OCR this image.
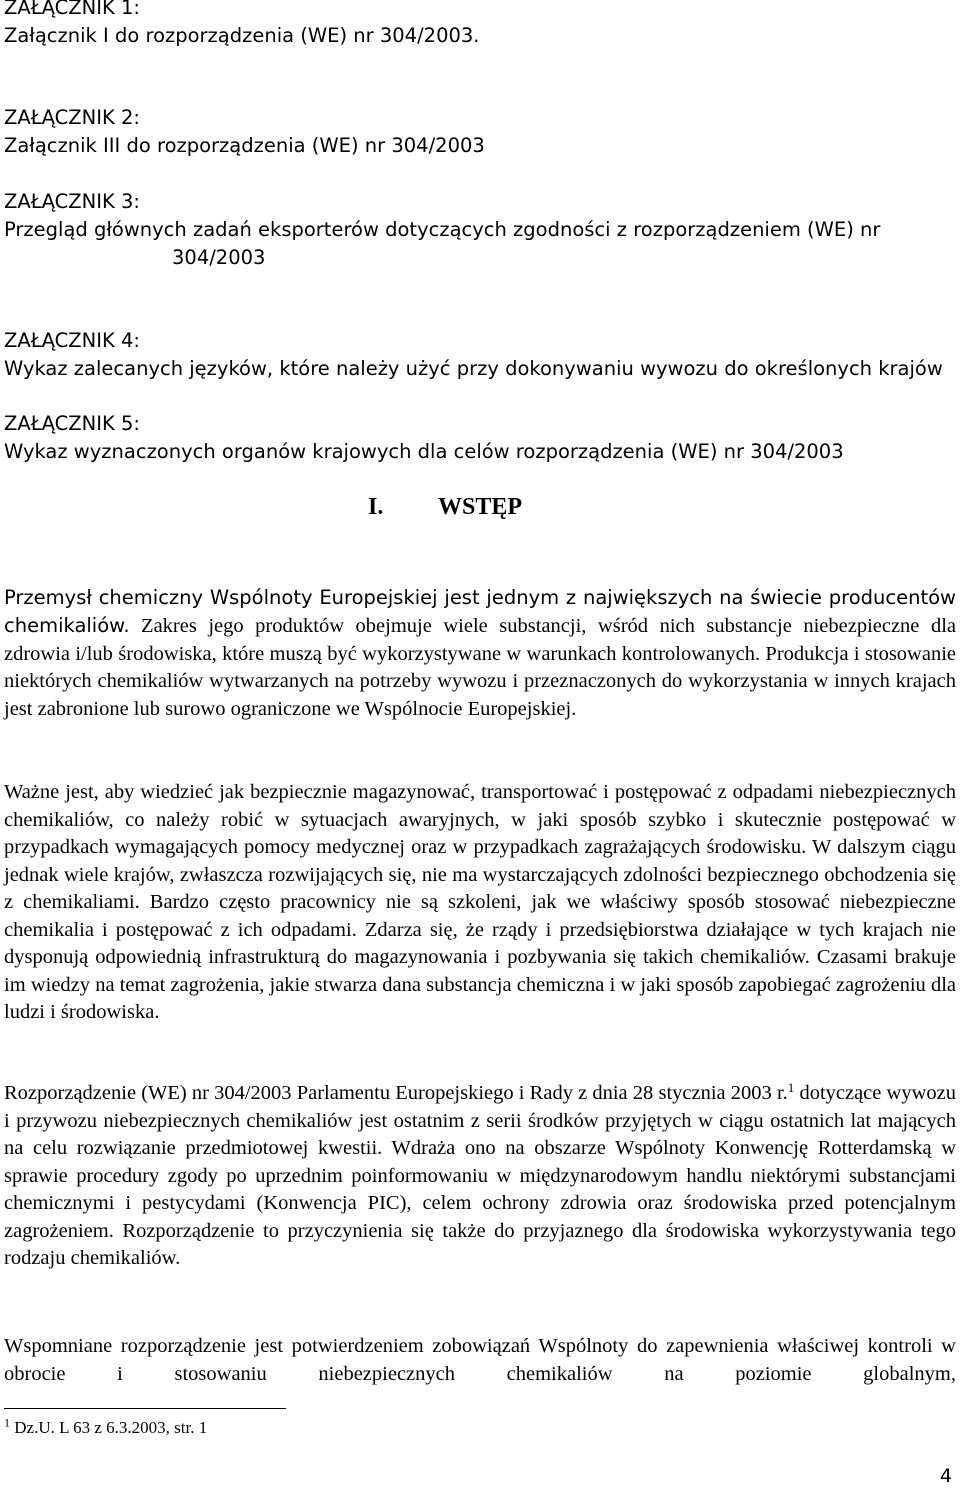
ZAŁĄCZNIK 1:
Załącznik I do rozporządzenia (WE) nr 304/2003.
ZAŁĄCZNIK 2:
Załącznik III do rozporządzenia (WE) nr 304/2003
ZAŁĄCZNIK 3:
Przegląd głównych zadań eksporterów dotyczących zgodności z rozporządzeniem (WE) nr
304/2003
ZAŁĄCZNIK 4:
Wykaz zalecanych języków, które należy użyć przy dokonywaniu wywozu do określonych krajów
ZAŁĄCZNIK 5:
Wykaz wyznaczonych organów krajowych dla celów rozporządzenia (WE) nr 304/2003
I. WSTĘP

Przemysł chemiczny Wspólnoty Europejskiej jest jednym z największych na świecie producentów chemikaliów. Zakres jego produktów obejmuje wiele substancji, wśród nich substancje niebezpieczne dla zdrowia i/lub środowiska, które muszą być wykorzystywane w warunkach kontrolowanych. Produkcja i stosowanie niektórych chemikaliów wytwarzanych na potrzeby wywozu i przeznaczonych do wykorzystania w innych krajach jest zabronione lub surowo ograniczone we Wspólnocie Europejskiej.

Ważne jest, aby wiedzieć jak bezpiecznie magazynować, transportować i postępować z odpadami niebezpiecznych chemikaliów, co należy robić w sytuacjach awaryjnych, w jaki sposób szybko i skutecznie postępować w przypadkach wymagających pomocy medycznej oraz w przypadkach zagrażających środowisku. W dalszym ciągu jednak wiele krajów, zwłaszcza rozwijających się, nie ma wystarczających zdolności bezpiecznego obchodzenia się z chemikaliami. Bardzo często pracownicy nie są szkoleni, jak we właściwy sposób stosować niebezpieczne chemikalia i postępować z ich odpadami. Zdarza się, że rządy i przedsiębiorstwa działające w tych krajach nie dysponują odpowiednią infrastrukturą do magazynowania i pozbywania się takich chemikaliów. Czasami brakuje im wiedzy na temat zagrożenia, jakie stwarza dana substancja chemiczna i w jaki sposób zapobiegać zagrożeniu dla ludzi i środowiska.

Rozporządzenie (WE) nr 304/2003 Parlamentu Europejskiego i Rady z dnia 28 stycznia 2003 r.$^1$ dotyczące wywozu i przywozu niebezpiecznych chemikaliów jest ostatnim z serii środków przyjętych w ciągu ostatnich lat mających na celu rozwiązanie przedmiotowej kwestii. Wdraża ono na obszarze Wspólnoty Konwencję Rotterdamską w sprawie procedury zgody po uprzednim poinformowaniu w międzynarodowym handlu niektórymi substancjami chemicznymi i pestycydami (Konwencja PIC), celem ochrony zdrowia oraz środowiska przed potencjalnym zagrożeniem. Rozporządzenie to przyczynienia się także do przyjaznego dla środowiska wykorzystywania tego rodzaju chemikaliów.

Wspomniane rozporządzenie jest potwierdzeniem zobowiązań Wspólnoty do zapewnienia właściwej kontroli w obrocie i stosowaniu niebezpiecznych chemikaliów na poziomie globalnym,

$^1$ Dz.U. L 63 z 6.3.2003, str. 1
4
